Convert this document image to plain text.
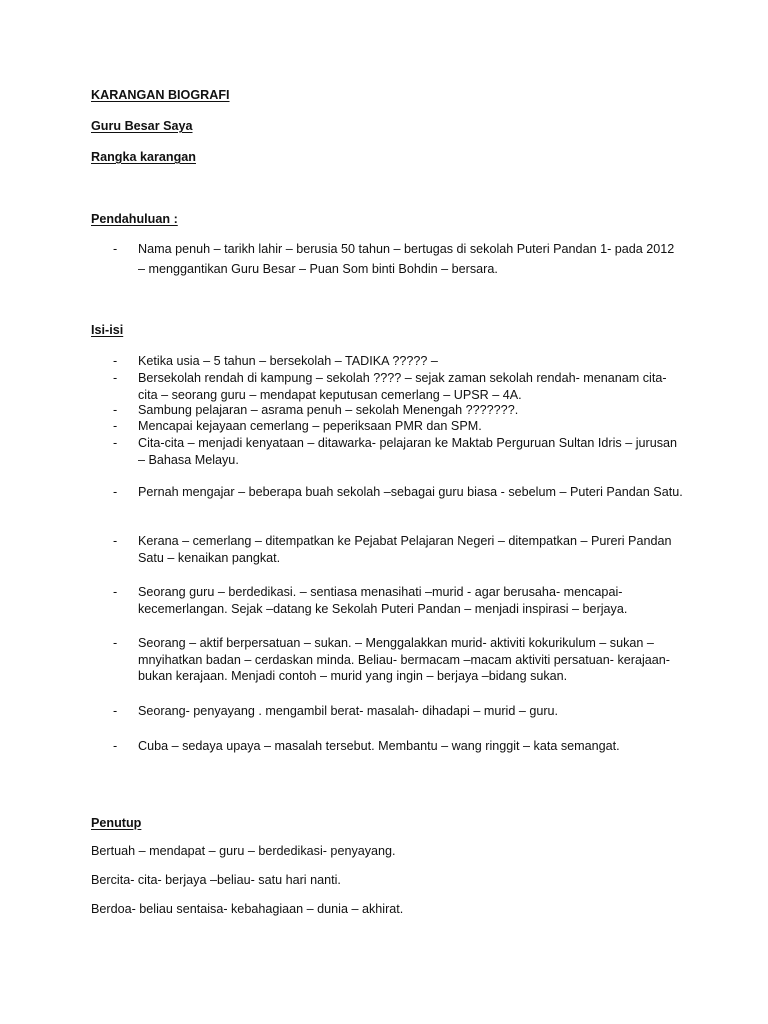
KARANGAN BIOGRAFI
Guru Besar Saya
Rangka karangan
Pendahuluan :
- Nama penuh – tarikh lahir – berusia 50 tahun – bertugas di sekolah Puteri Pandan 1- pada 2012 – menggantikan Guru Besar – Puan Som binti Bohdin – bersara.
Isi-isi
- Ketika usia – 5 tahun – bersekolah – TADIKA ????? –
- Bersekolah rendah di kampung – sekolah ???? – sejak zaman sekolah rendah- menanam cita-cita – seorang guru – mendapat keputusan cemerlang – UPSR – 4A.
- Sambung pelajaran – asrama penuh – sekolah Menengah ???????.
- Mencapai kejayaan cemerlang – peperiksaan PMR dan SPM.
- Cita-cita – menjadi kenyataan – ditawarka- pelajaran ke Maktab Perguruan Sultan Idris – jurusan – Bahasa Melayu.
- Pernah mengajar – beberapa buah sekolah –sebagai guru biasa - sebelum – Puteri Pandan Satu.
- Kerana – cemerlang – ditempatkan ke Pejabat Pelajaran Negeri – ditempatkan – Pureri Pandan Satu – kenaikan pangkat.
- Seorang guru – berdedikasi. – sentiasa menasihati –murid - agar berusaha- mencapai- kecemerlangan. Sejak –datang ke Sekolah Puteri Pandan – menjadi inspirasi – berjaya.
- Seorang – aktif berpersatuan – sukan. – Menggalakkan murid- aktiviti kokurikulum – sukan – mnyihatkan badan – cerdaskan minda. Beliau- bermacam –macam aktiviti persatuan- kerajaan- bukan kerajaan. Menjadi contoh – murid yang ingin – berjaya –bidang sukan.
- Seorang- penyayang . mengambil berat- masalah- dihadapi – murid – guru.
- Cuba – sedaya upaya – masalah tersebut. Membantu – wang ringgit – kata semangat.
Penutup
Bertuah – mendapat – guru – berdedikasi- penyayang.
Bercita- cita- berjaya –beliau- satu hari nanti.
Berdoa- beliau sentaisa- kebahagiaan – dunia – akhirat.
